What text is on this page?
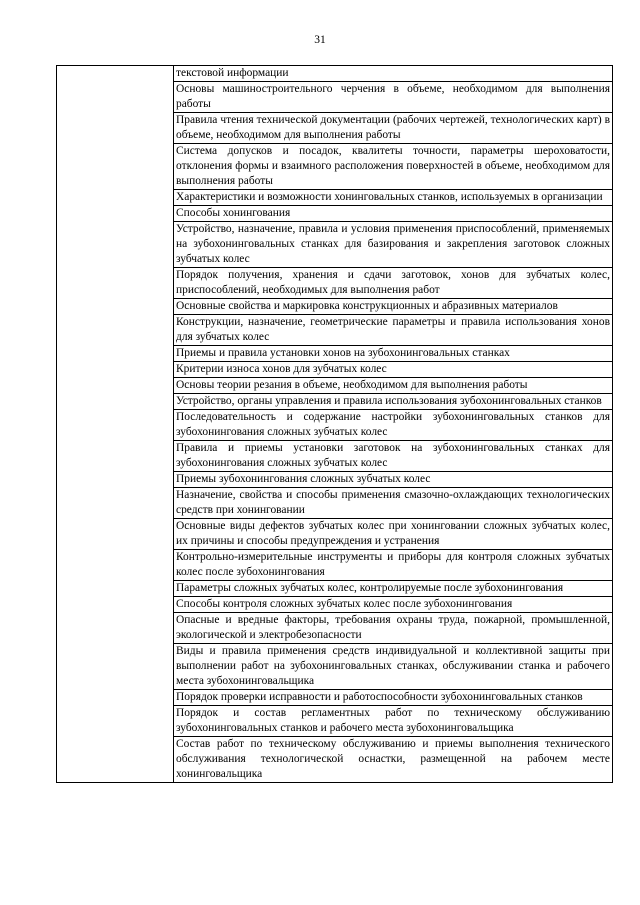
31

текстовой информации

Основы машиностроительного черчения в объеме, необходимом для выполнения работы

Правила чтения технической документации (рабочих чертежей, технологических карт) в объеме, необходимом для выполнения работы

Система допусков и посадок, квалитеты точности, параметры шероховатости, отклонения формы и взаимного расположения поверхностей в объеме, необходимом для выполнения работы

Характеристики и возможности хонинговальных станков, используемых в организации

Способы хонингования

Устройство, назначение, правила и условия применения приспособлений, применяемых на зубохонинговальных станках для базирования и закрепления заготовок сложных зубчатых колес

Порядок получения, хранения и сдачи заготовок, хонов для зубчатых колес, приспособлений, необходимых для выполнения работ

Основные свойства и маркировка конструкционных и абразивных материалов

Конструкции, назначение, геометрические параметры и правила использования хонов для зубчатых колес

Приемы и правила установки хонов на зубохонинговальных станках

Критерии износа хонов для зубчатых колес

Основы теории резания в объеме, необходимом для выполнения работы

Устройство, органы управления и правила использования зубохонинговальных станков

Последовательность и содержание настройки зубохонинговальных станков для зубохонингования сложных зубчатых колес

Правила и приемы установки заготовок на зубохонинговальных станках для зубохонингования сложных зубчатых колес

Приемы зубохонингования сложных зубчатых колес

Назначение, свойства и способы применения смазочно-охлаждающих технологических средств при хонинговании

Основные виды дефектов зубчатых колес при хонинговании сложных зубчатых колес, их причины и способы предупреждения и устранения

Контрольно-измерительные инструменты и приборы для контроля сложных зубчатых колес после зубохонингования

Параметры сложных зубчатых колес, контролируемые после зубохонингования

Способы контроля сложных зубчатых колес после зубохонингования

Опасные и вредные факторы, требования охраны труда, пожарной, промышленной, экологической и электробезопасности

Виды и правила применения средств индивидуальной и коллективной защиты при выполнении работ на зубохонинговальных станках, обслуживании станка и рабочего места зубохонинговальщика

Порядок проверки исправности и работоспособности зубохонинговальных станков

Порядок и состав регламентных работ по техническому обслуживанию зубохонинговальных станков и рабочего места зубохонинговальщика

Состав работ по техническому обслуживанию и приемы выполнения технического обслуживания технологической оснастки, размещенной на рабочем месте хонинговальщика
